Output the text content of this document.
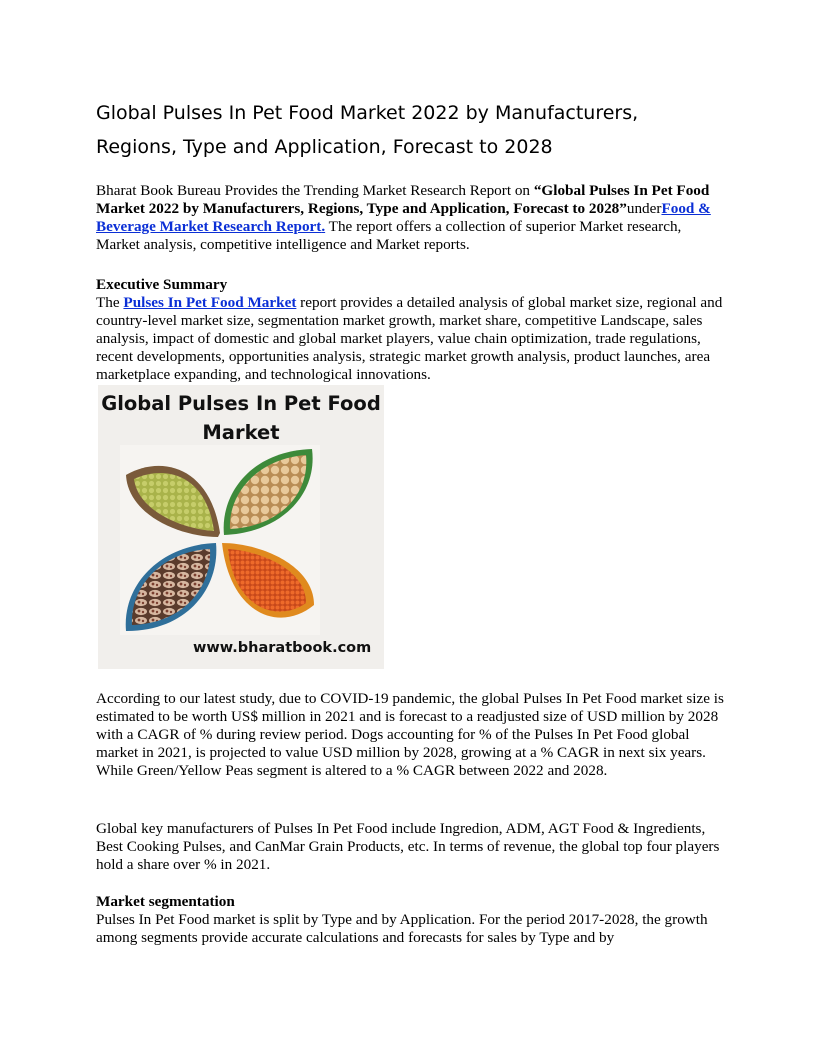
Global Pulses In Pet Food Market 2022 by Manufacturers,
Regions, Type and Application, Forecast to 2028

Bharat Book Bureau Provides the Trending Market Research Report on “Global Pulses In Pet Food Market 2022 by Manufacturers, Regions, Type and Application, Forecast to 2028”underFood & Beverage Market Research Report. The report offers a collection of superior Market research, Market analysis, competitive intelligence and Market reports.

Executive Summary

The Pulses In Pet Food Market report provides a detailed analysis of global market size, regional and country-level market size, segmentation market growth, market share, competitive Landscape, sales analysis, impact of domestic and global market players, value chain optimization, trade regulations, recent developments, opportunities analysis, strategic market growth analysis, product launches, area marketplace expanding, and technological innovations.

Global Pulses In Pet Food Market
www.bharatbook.com

According to our latest study, due to COVID-19 pandemic, the global Pulses In Pet Food market size is estimated to be worth US$ million in 2021 and is forecast to a readjusted size of USD million by 2028 with a CAGR of % during review period. Dogs accounting for % of the Pulses In Pet Food global market in 2021, is projected to value USD million by 2028, growing at a % CAGR in next six years. While Green/Yellow Peas segment is altered to a % CAGR between 2022 and 2028.

Global key manufacturers of Pulses In Pet Food include Ingredion, ADM, AGT Food & Ingredients, Best Cooking Pulses, and CanMar Grain Products, etc. In terms of revenue, the global top four players hold a share over % in 2021.

Market segmentation

Pulses In Pet Food market is split by Type and by Application. For the period 2017-2028, the growth among segments provide accurate calculations and forecasts for sales by Type and by
